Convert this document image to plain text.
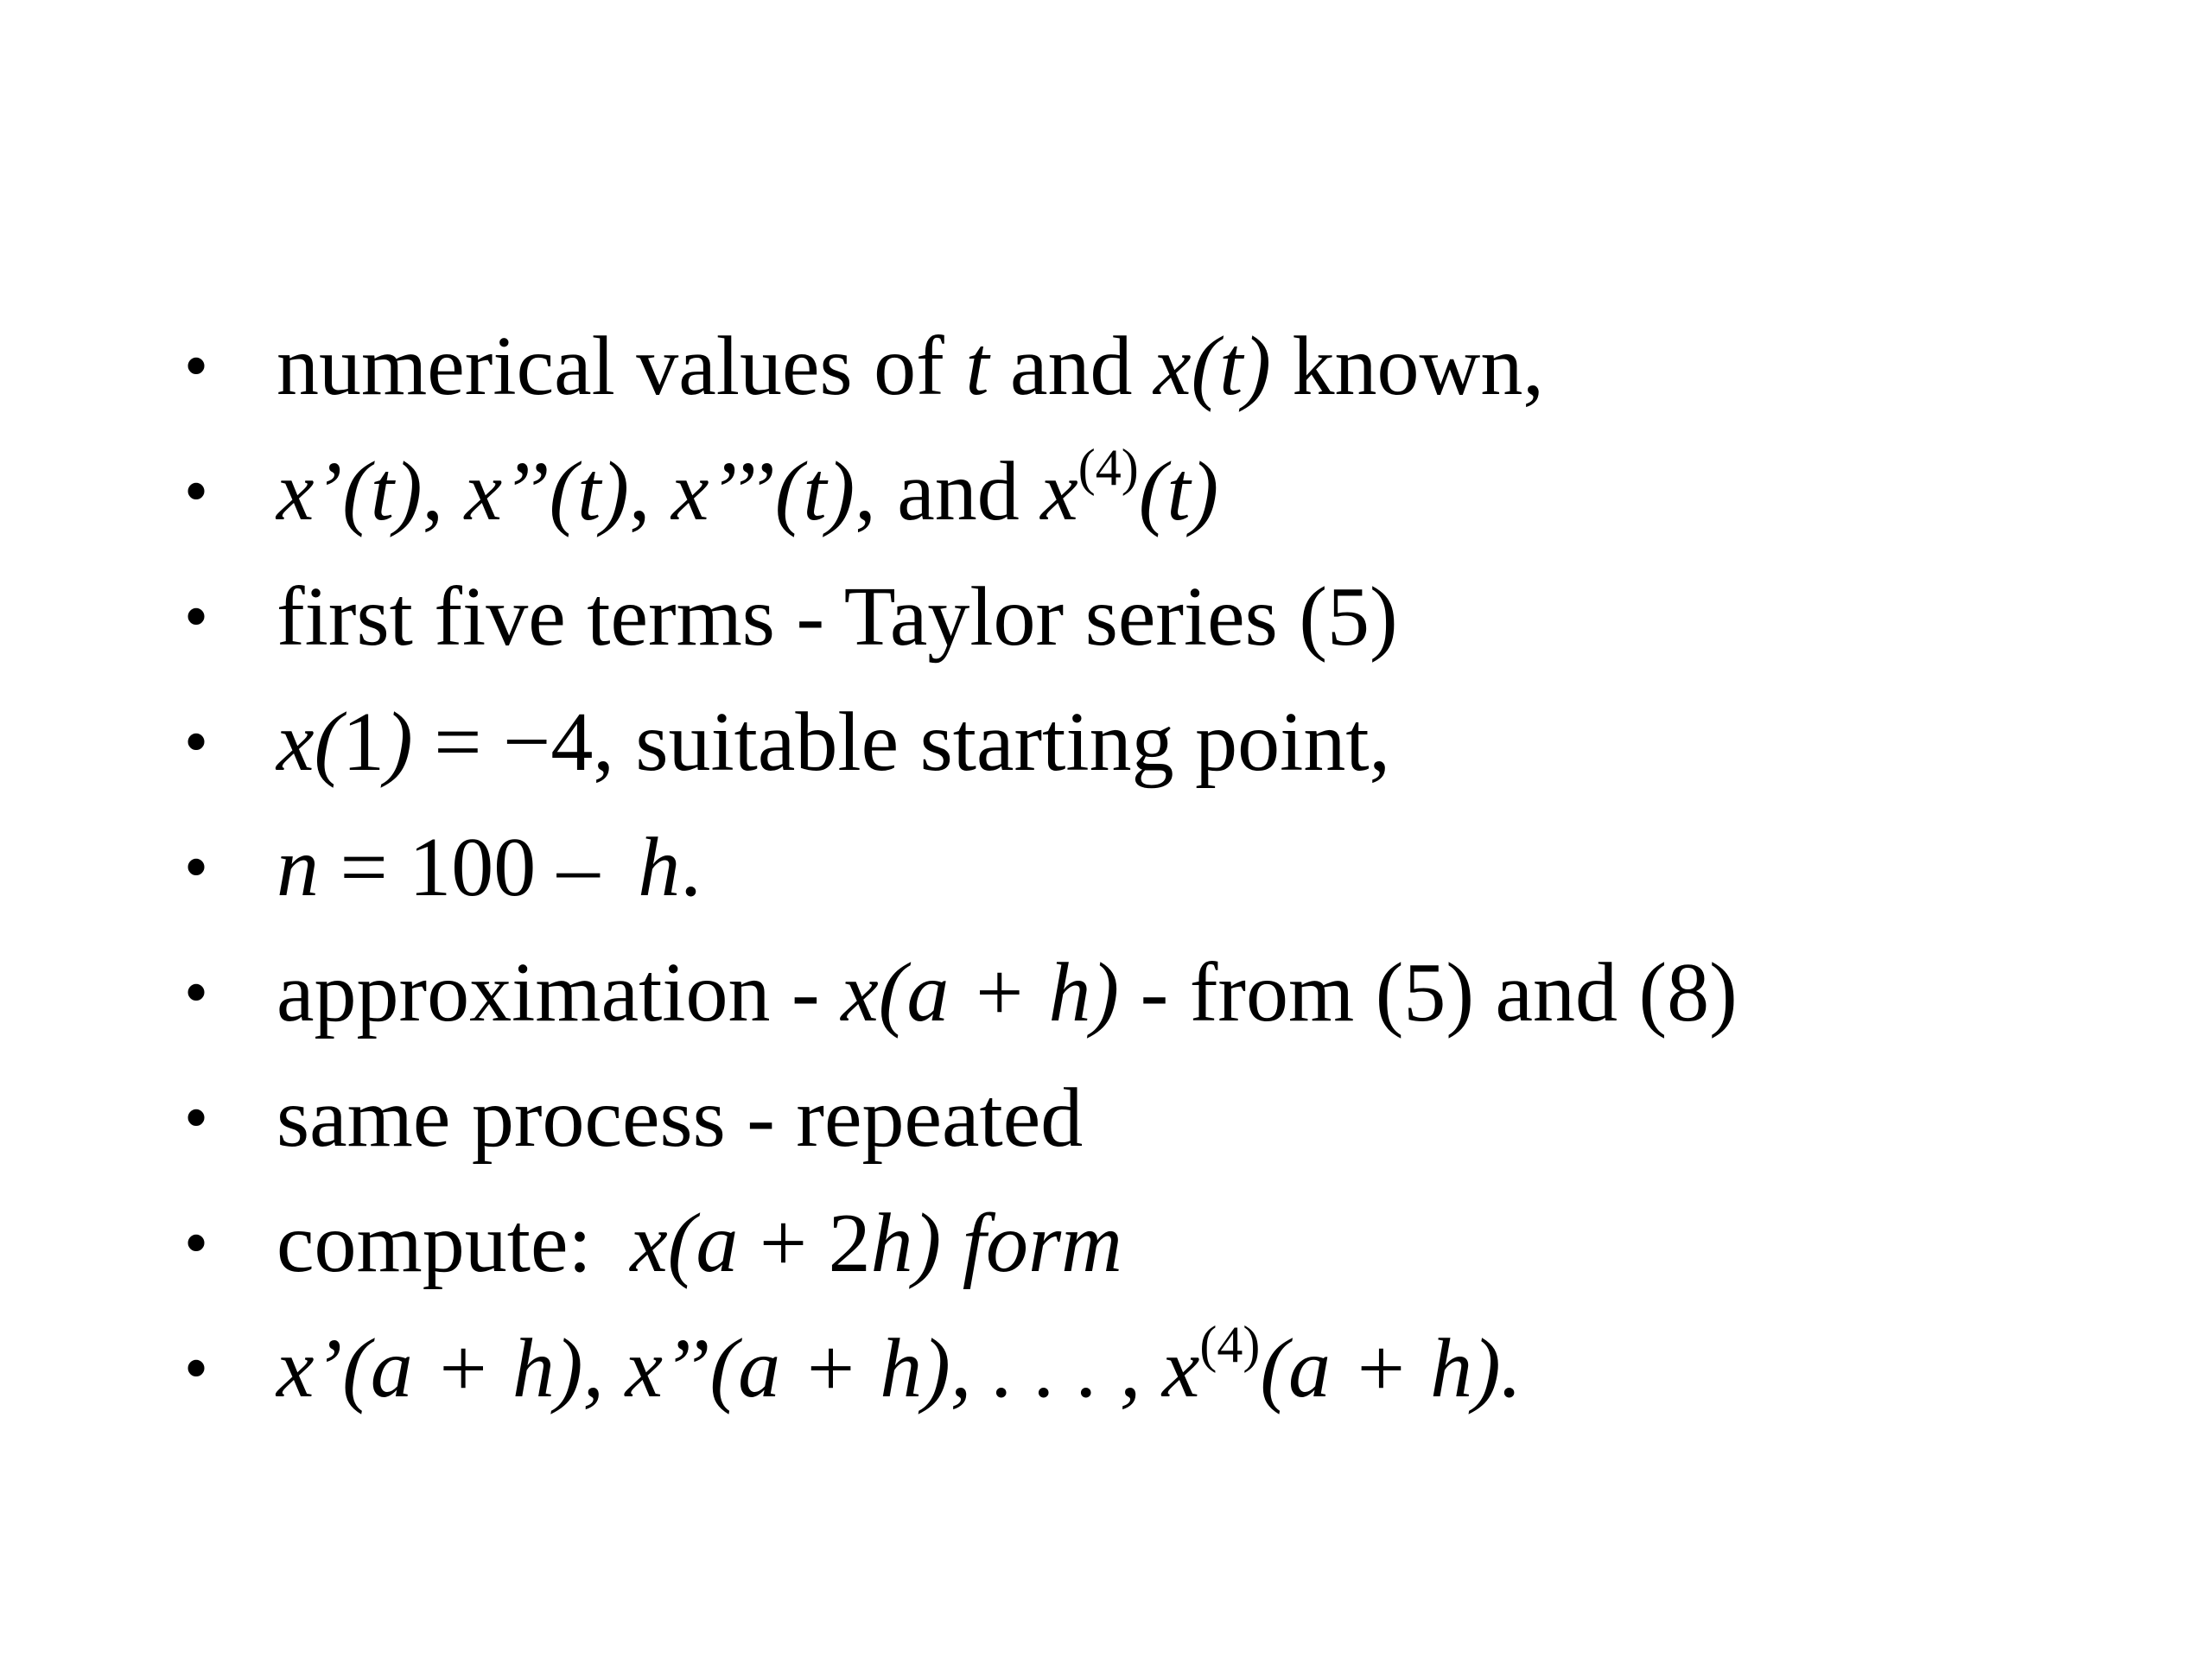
• numerical values of t and x(t) known,
• x’(t), x’’(t), x’’’(t), and $x^{(4)}(t)$
• first five terms - Taylor series (5)
• x(1) = −4, suitable starting point,
• n = 100 – h.
• approximation - x(a + h) - from (5) and (8)
• same process - repeated
• compute: x(a + 2h) form
• x’(a + h), x’’(a + h), . . . , $x^{(4)}(a + h)$.
